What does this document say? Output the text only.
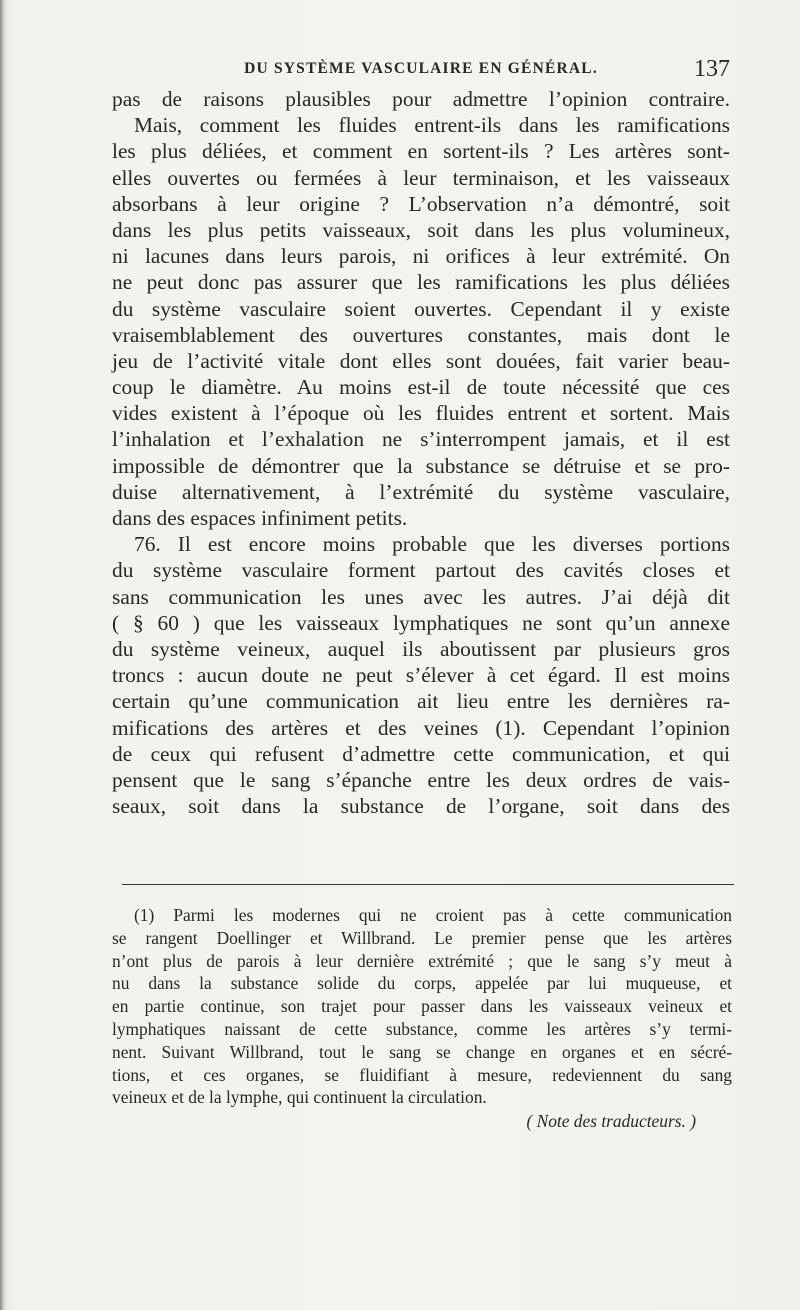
DU SYSTÈME VASCULAIRE EN GÉNÉRAL.	137
pas de raisons plausibles pour admettre l’opinion contraire.
Mais, comment les fluides entrent-ils dans les ramifications
les plus déliées, et comment en sortent-ils ? Les artères sont-
elles ouvertes ou fermées à leur terminaison, et les vaisseaux
absorbans à leur origine ? L’observation n’a démontré, soit
dans les plus petits vaisseaux, soit dans les plus volumineux,
ni lacunes dans leurs parois, ni orifices à leur extrémité. On
ne peut donc pas assurer que les ramifications les plus déliées
du système vasculaire soient ouvertes. Cependant il y existe
vraisemblablement des ouvertures constantes, mais dont le
jeu de l’activité vitale dont elles sont douées, fait varier beau-
coup le diamètre. Au moins est-il de toute nécessité que ces
vides existent à l’époque où les fluides entrent et sortent. Mais
l’inhalation et l’exhalation ne s’interrompent jamais, et il est
impossible de démontrer que la substance se détruise et se pro-
duise alternativement, à l’extrémité du système vasculaire,
dans des espaces infiniment petits.
76. Il est encore moins probable que les diverses portions
du système vasculaire forment partout des cavités closes et
sans communication les unes avec les autres. J’ai déjà dit
( § 60 ) que les vaisseaux lymphatiques ne sont qu’un annexe
du système veineux, auquel ils aboutissent par plusieurs gros
troncs : aucun doute ne peut s’élever à cet égard. Il est moins
certain qu’une communication ait lieu entre les dernières ra-
mifications des artères et des veines (1). Cependant l’opinion
de ceux qui refusent d’admettre cette communication, et qui
pensent que le sang s’épanche entre les deux ordres de vais-
seaux, soit dans la substance de l’organe, soit dans des
(1) Parmi les modernes qui ne croient pas à cette communication
se rangent Doellinger et Willbrand. Le premier pense que les artères
n’ont plus de parois à leur dernière extrémité ; que le sang s’y meut à
nu dans la substance solide du corps, appelée par lui muqueuse, et
en partie continue, son trajet pour passer dans les vaisseaux veineux et
lymphatiques naissant de cette substance, comme les artères s’y termi-
nent. Suivant Willbrand, tout le sang se change en organes et en sécré-
tions, et ces organes, se fluidifiant à mesure, redeviennent du sang
veineux et de la lymphe, qui continuent la circulation.
( Note des traducteurs. )
